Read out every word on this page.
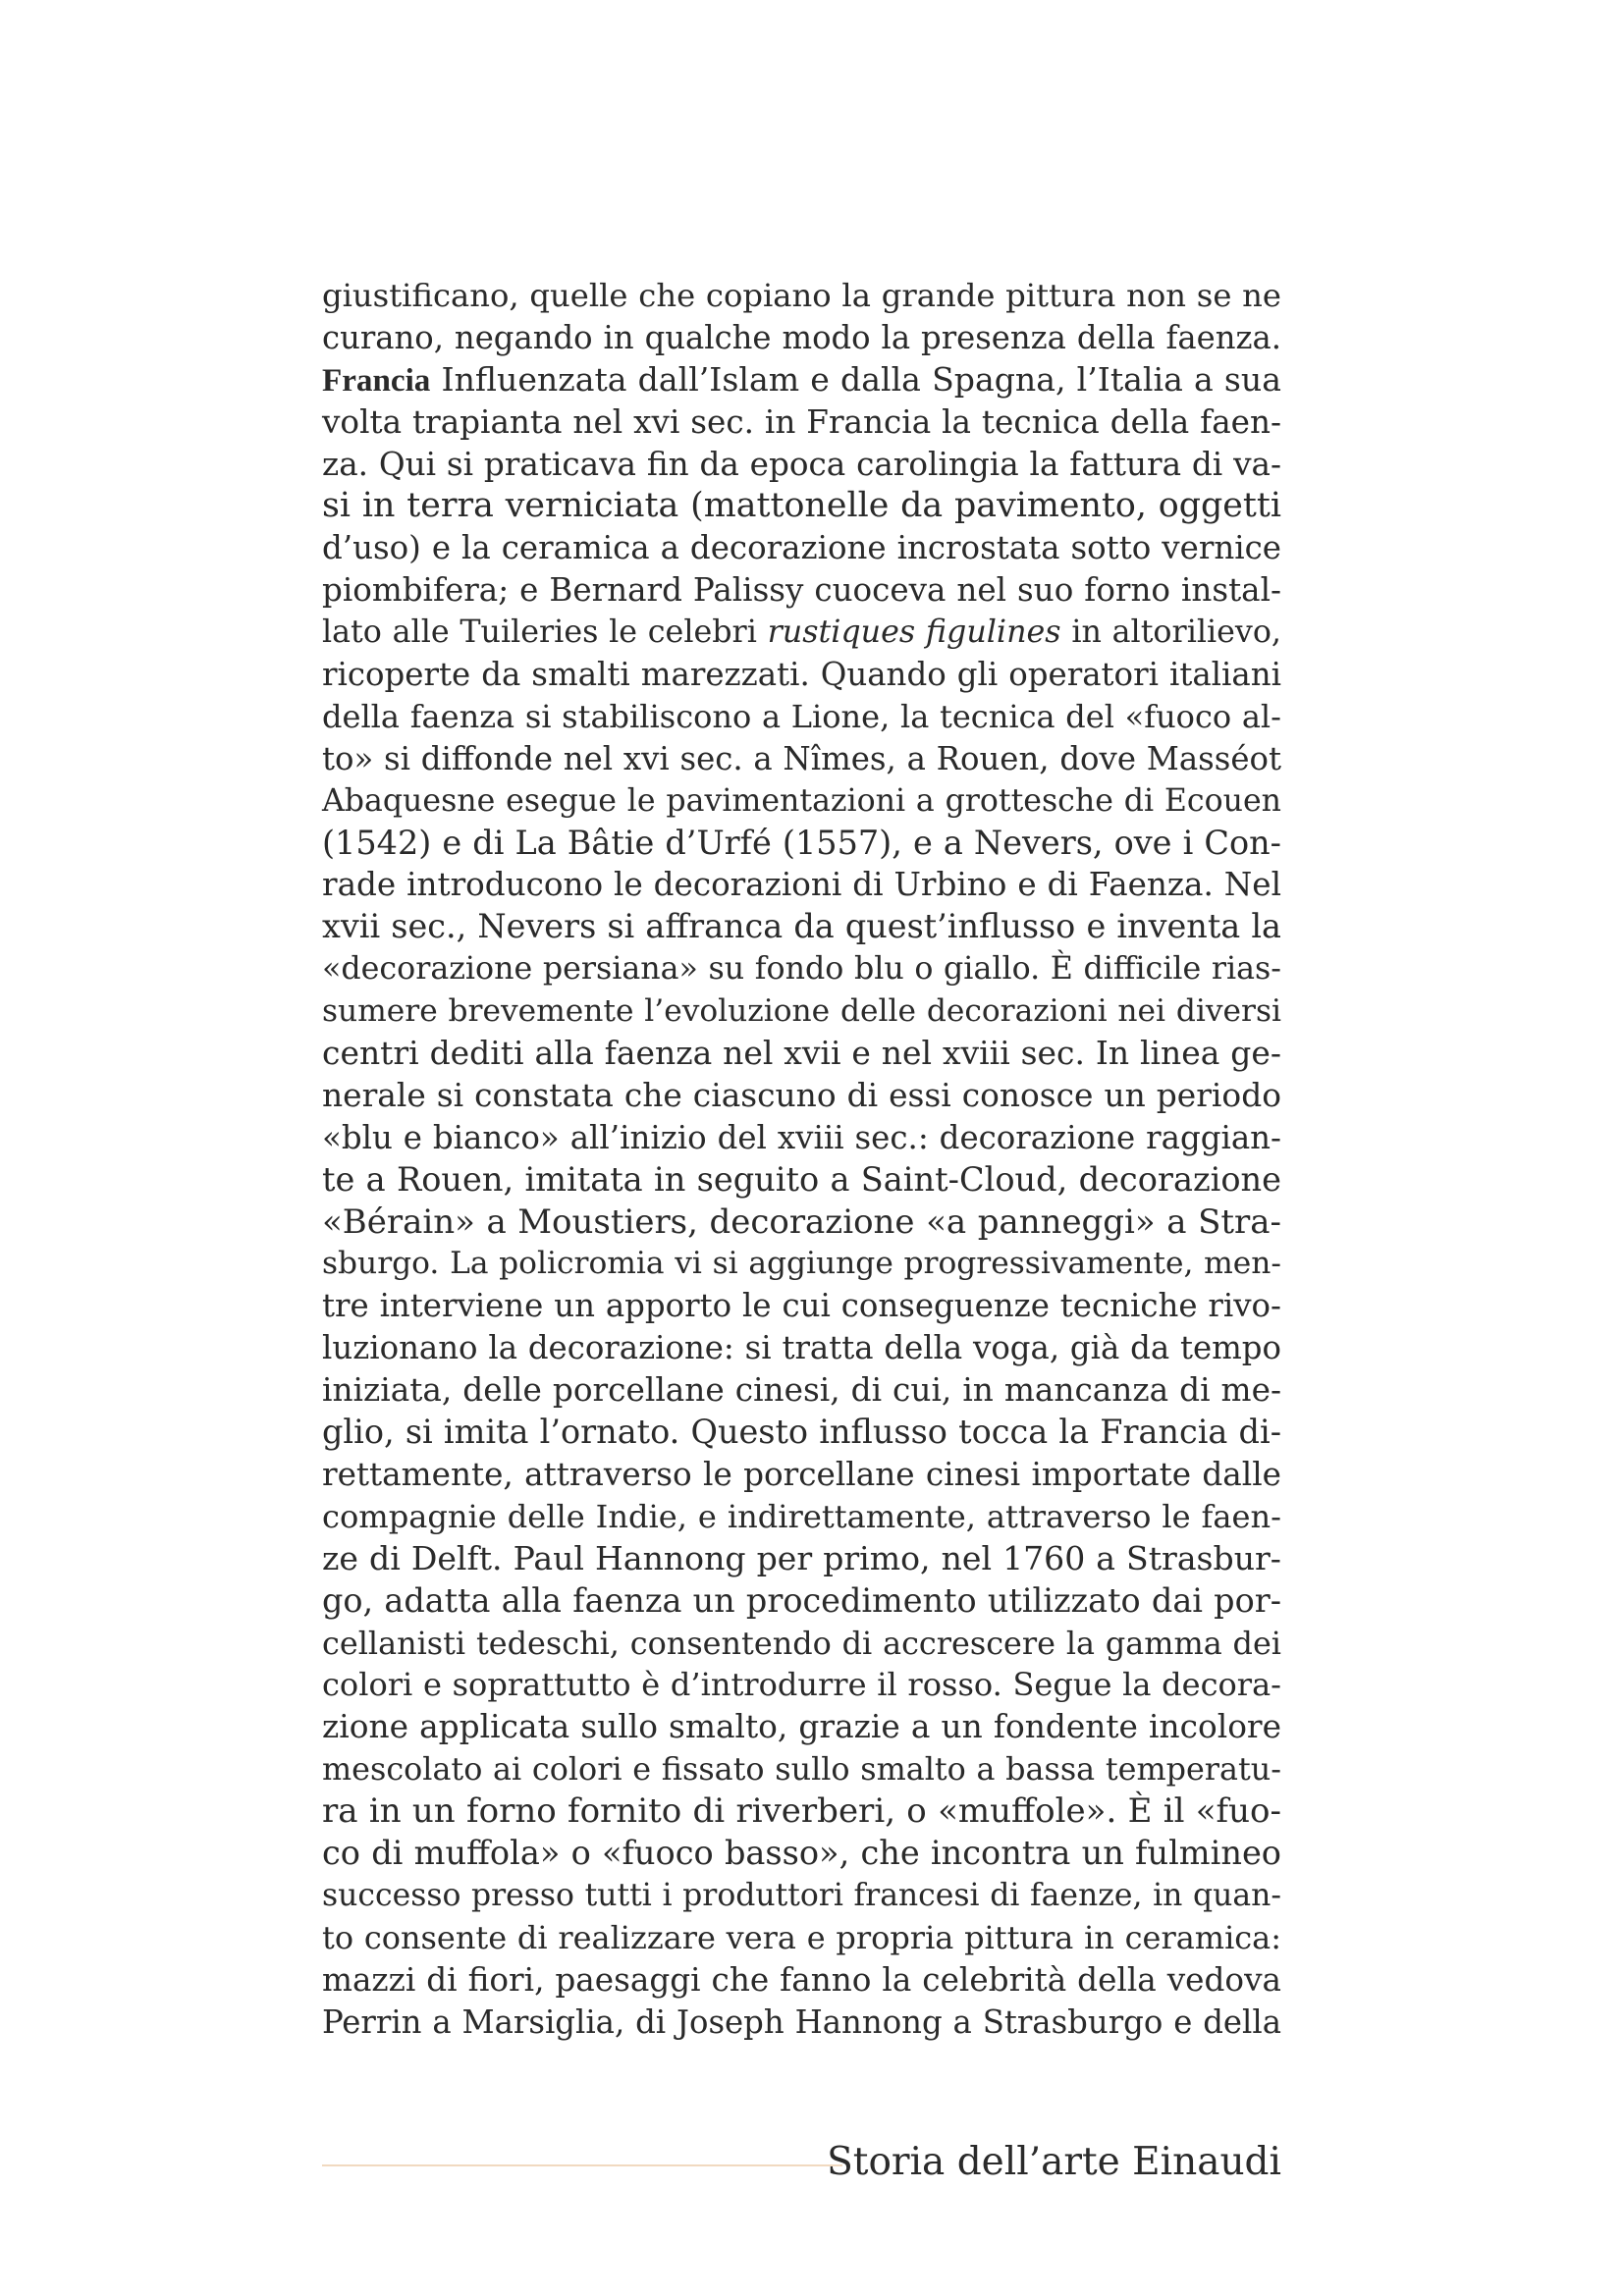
giustificano, quelle che copiano la grande pittura non se ne
curano, negando in qualche modo la presenza della faenza.
Francia Influenzata dall’Islam e dalla Spagna, l’Italia a sua
volta trapianta nel xvi sec. in Francia la tecnica della faen-
za. Qui si praticava fin da epoca carolingia la fattura di va-
si in terra verniciata (mattonelle da pavimento, oggetti
d’uso) e la ceramica a decorazione incrostata sotto vernice
piombifera; e Bernard Palissy cuoceva nel suo forno instal-
lato alle Tuileries le celebri rustiques figulines in altorilievo,
ricoperte da smalti marezzati. Quando gli operatori italiani
della faenza si stabiliscono a Lione, la tecnica del «fuoco al-
to» si diffonde nel xvi sec. a Nîmes, a Rouen, dove Masséot
Abaquesne esegue le pavimentazioni a grottesche di Ecouen
(1542) e di La Bâtie d’Urfé (1557), e a Nevers, ove i Con-
rade introducono le decorazioni di Urbino e di Faenza. Nel
xvii sec., Nevers si affranca da quest’influsso e inventa la
«decorazione persiana» su fondo blu o giallo. È difficile rias-
sumere brevemente l’evoluzione delle decorazioni nei diversi
centri dediti alla faenza nel xvii e nel xviii sec. In linea ge-
nerale si constata che ciascuno di essi conosce un periodo
«blu e bianco» all’inizio del xviii sec.: decorazione raggian-
te a Rouen, imitata in seguito a Saint-Cloud, decorazione
«Bérain» a Moustiers, decorazione «a panneggi» a Stra-
sburgo. La policromia vi si aggiunge progressivamente, men-
tre interviene un apporto le cui conseguenze tecniche rivo-
luzionano la decorazione: si tratta della voga, già da tempo
iniziata, delle porcellane cinesi, di cui, in mancanza di me-
glio, si imita l’ornato. Questo influsso tocca la Francia di-
rettamente, attraverso le porcellane cinesi importate dalle
compagnie delle Indie, e indirettamente, attraverso le faen-
ze di Delft. Paul Hannong per primo, nel 1760 a Strasbur-
go, adatta alla faenza un procedimento utilizzato dai por-
cellanisti tedeschi, consentendo di accrescere la gamma dei
colori e soprattutto è d’introdurre il rosso. Segue la decora-
zione applicata sullo smalto, grazie a un fondente incolore
mescolato ai colori e fissato sullo smalto a bassa temperatu-
ra in un forno fornito di riverberi, o «muffole». È il «fuo-
co di muffola» o «fuoco basso», che incontra un fulmineo
successo presso tutti i produttori francesi di faenze, in quan-
to consente di realizzare vera e propria pittura in ceramica:
mazzi di fiori, paesaggi che fanno la celebrità della vedova
Perrin a Marsiglia, di Joseph Hannong a Strasburgo e della
Storia dell’arte Einaudi
